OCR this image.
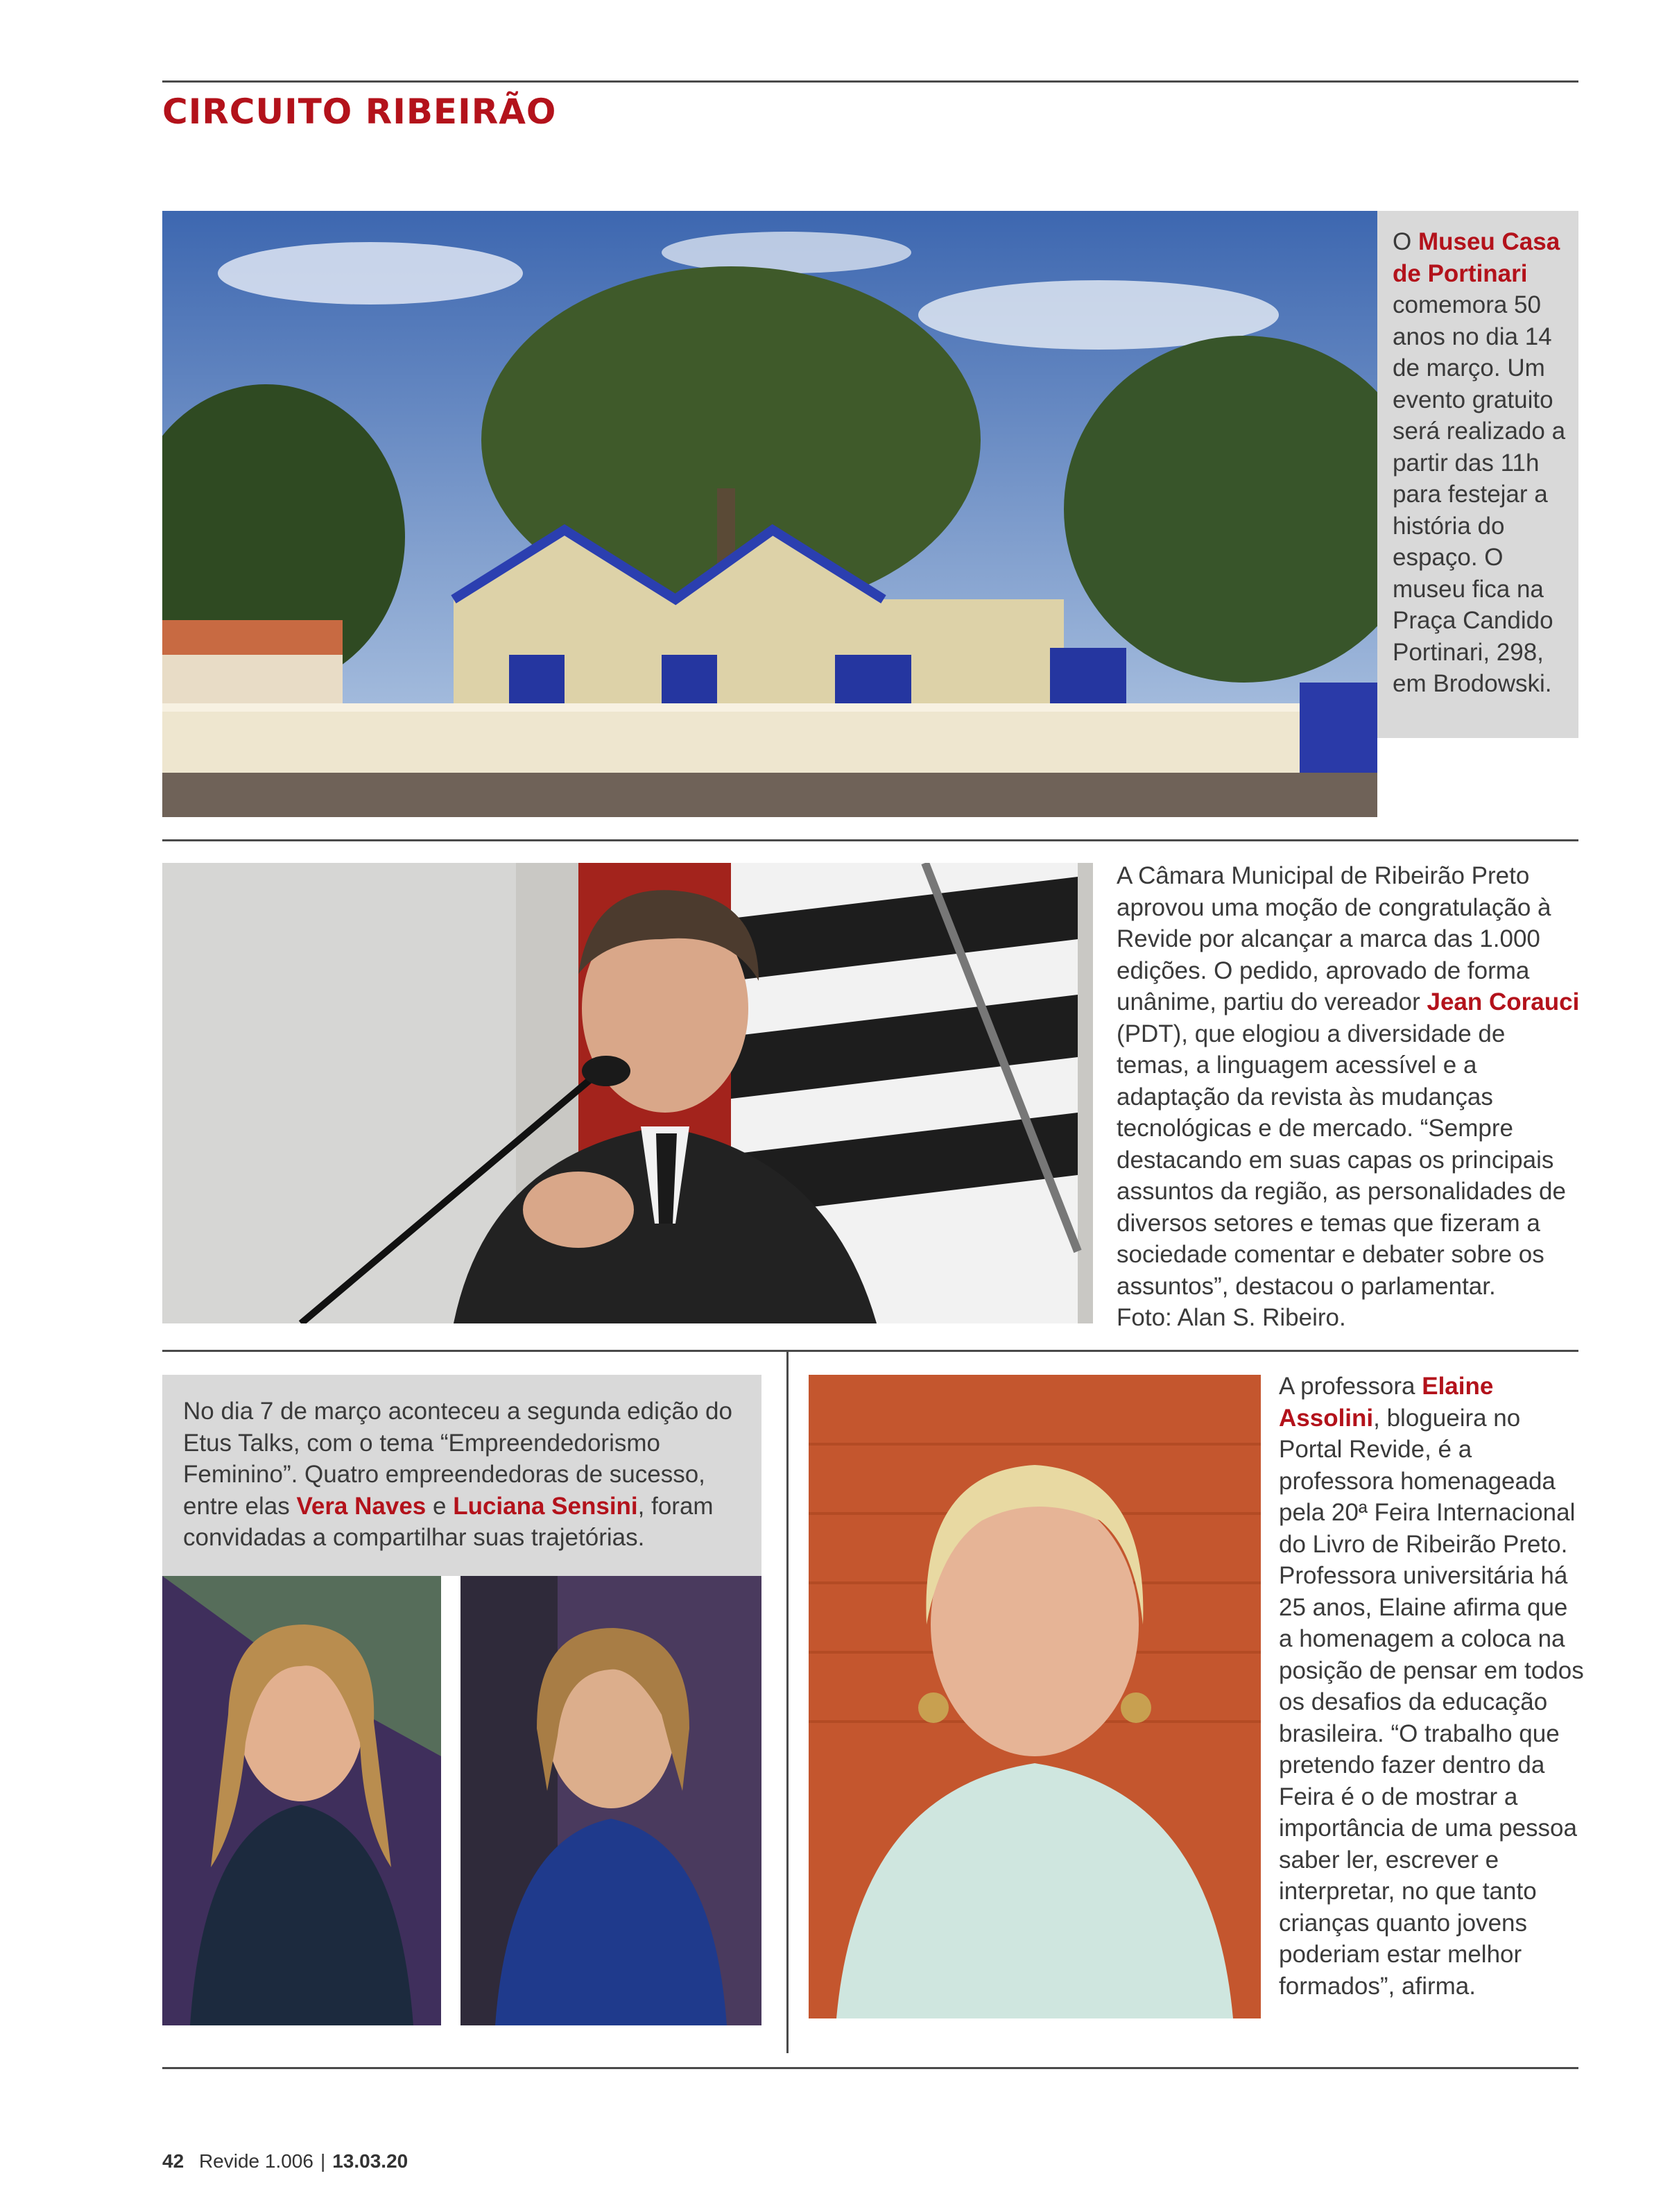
CIRCUITO RIBEIRÃO
O Museu Casa de Portinari comemora 50 anos no dia 14 de março. Um evento gratuito será realizado a partir das 11h para festejar a história do espaço. O museu fica na Praça Candido Portinari, 298, em Brodowski.
A Câmara Municipal de Ribeirão Preto aprovou uma moção de congratulação à Revide por alcançar a marca das 1.000 edições. O pedido, aprovado de forma unânime, partiu do vereador Jean Corauci (PDT), que elogiou a diversidade de temas, a linguagem acessível e a adaptação da revista às mudanças tecnológicas e de mercado. “Sempre destacando em suas capas os principais assuntos da região, as personalidades de diversos setores e temas que fizeram a sociedade comentar e debater sobre os assuntos”, destacou o parlamentar.
Foto: Alan S. Ribeiro.
No dia 7 de março aconteceu a segunda edição do Etus Talks, com o tema “Empreendedorismo Feminino”. Quatro empreendedoras de sucesso, entre elas Vera Naves e Luciana Sensini, foram convidadas a compartilhar suas trajetórias.
A professora Elaine Assolini, blogueira no Portal Revide, é a professora homenageada pela 20ª Feira Internacional do Livro de Ribeirão Preto. Professora universitária há 25 anos, Elaine afirma que a homenagem a coloca na posição de pensar em todos os desafios da educação brasileira. “O trabalho que pretendo fazer dentro da Feira é o de mostrar a importância de uma pessoa saber ler, escrever e interpretar, no que tanto crianças quanto jovens poderiam estar melhor formados”, afirma.
42 Revide 1.006 | 13.03.20
